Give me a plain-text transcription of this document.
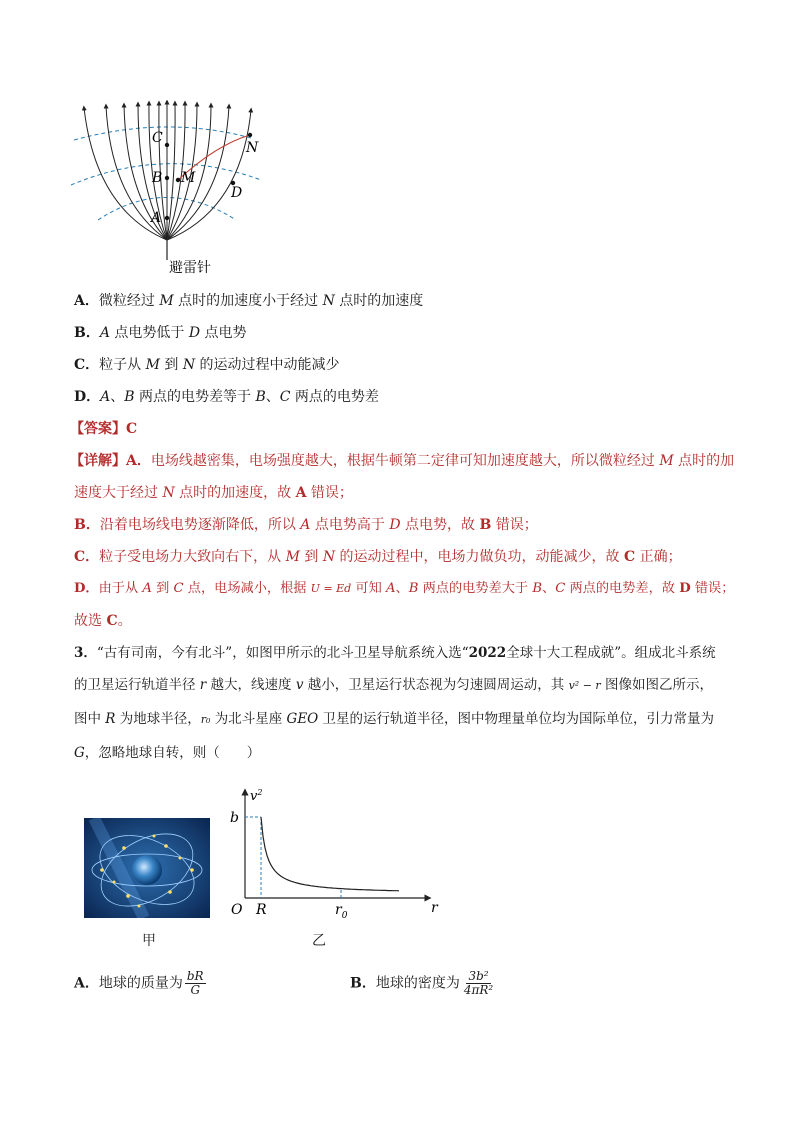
A
B
C
M
N
D
避雷针
A．微粒经过 M 点时的加速度小于经过 N 点时的加速度
B．A 点电势低于 D 点电势
C．粒子从 M 到 N 的运动过程中动能减少
D．A、B 两点的电势差等于 B、C 两点的电势差
【答案】C
【详解】A．电场线越密集，电场强度越大，根据牛顿第二定律可知加速度越大，所以微粒经过 M 点时的加
速度大于经过 N 点时的加速度，故 A 错误；
B．沿着电场线电势逐渐降低，所以 A 点电势高于 D 点电势，故 B 错误；
C．粒子受电场力大致向右下，从 M 到 N 的运动过程中，电场力做负功，动能减少，故 C 正确；
D．由于从 A 到 C 点，电场减小，根据 U = Ed 可知 A、B 两点的电势差大于 B、C 两点的电势差，故 D 错误；
故选 C。
3．“古有司南，今有北斗”，如图甲所示的北斗卫星导航系统入选“2022全球十大工程成就”。组成北斗系统
的卫星运行轨道半径 r 越大，线速度 v 越小，卫星运行状态视为匀速圆周运动，其 v² − r 图像如图乙所示，
图中 R 为地球半径，r₀ 为北斗星座 GEO 卫星的运行轨道半径，图中物理量单位均为国际单位，引力常量为
G，忽略地球自转，则（　　）
甲
b
$v^2$
O R	$r_0$	r
乙
A．地球的质量为 $\frac{bR}{G}$	B．地球的密度为 $\frac{\text{3b²}}{\text{4πR²}}$
